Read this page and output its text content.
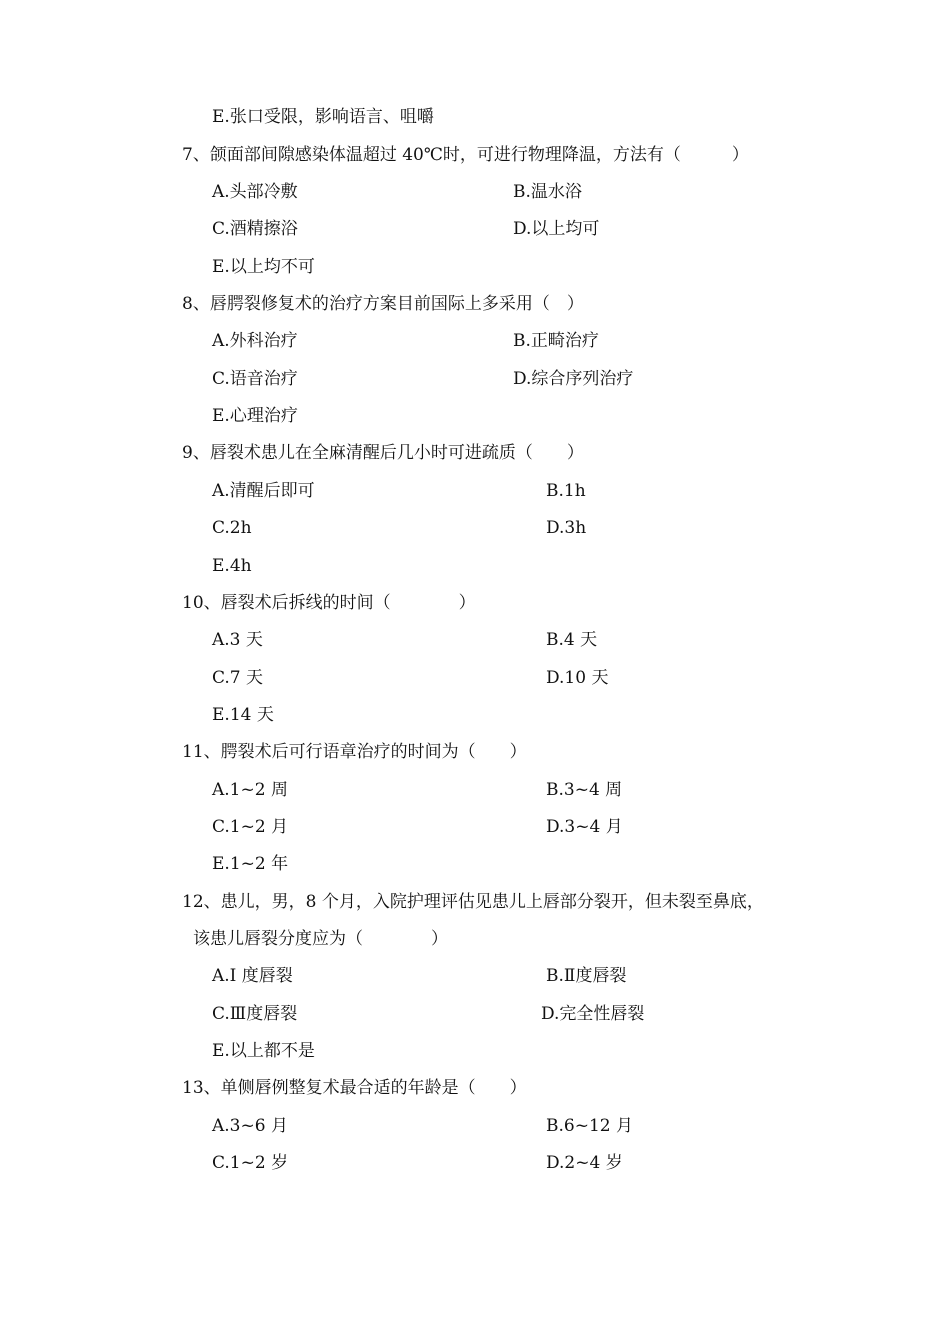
E.张口受限，影响语言、咀嚼
7、颌面部间隙感染体温超过 40℃时，可进行物理降温，方法有（　　　）
A.头部冷敷	B.温水浴
C.酒精擦浴	D.以上均可
E.以上均不可
8、唇腭裂修复术的治疗方案目前国际上多采用（　）
A.外科治疗	B.正畸治疗
C.语音治疗	D.综合序列治疗
E.心理治疗
9、唇裂术患儿在全麻清醒后几小时可进疏质（　　）
A.清醒后即可	B.1h
C.2h	D.3h
E.4h
10、唇裂术后拆线的时间（　　　　）
A.3 天	B.4 天
C.7 天	D.10 天
E.14 天
11、腭裂术后可行语章治疗的时间为（　　）
A.1~2 周	B.3~4 周
C.1~2 月	D.3~4 月
E.1~2 年
12、患儿，男，8 个月，入院护理评估见患儿上唇部分裂开，但未裂至鼻底，
该患儿唇裂分度应为（　　　　）
A.I 度唇裂	B.Ⅱ度唇裂
C.Ⅲ度唇裂	D.完全性唇裂
E.以上都不是
13、单侧唇例整复术最合适的年龄是（　　）
A.3~6 月	B.6~12 月
C.1~2 岁	D.2~4 岁
